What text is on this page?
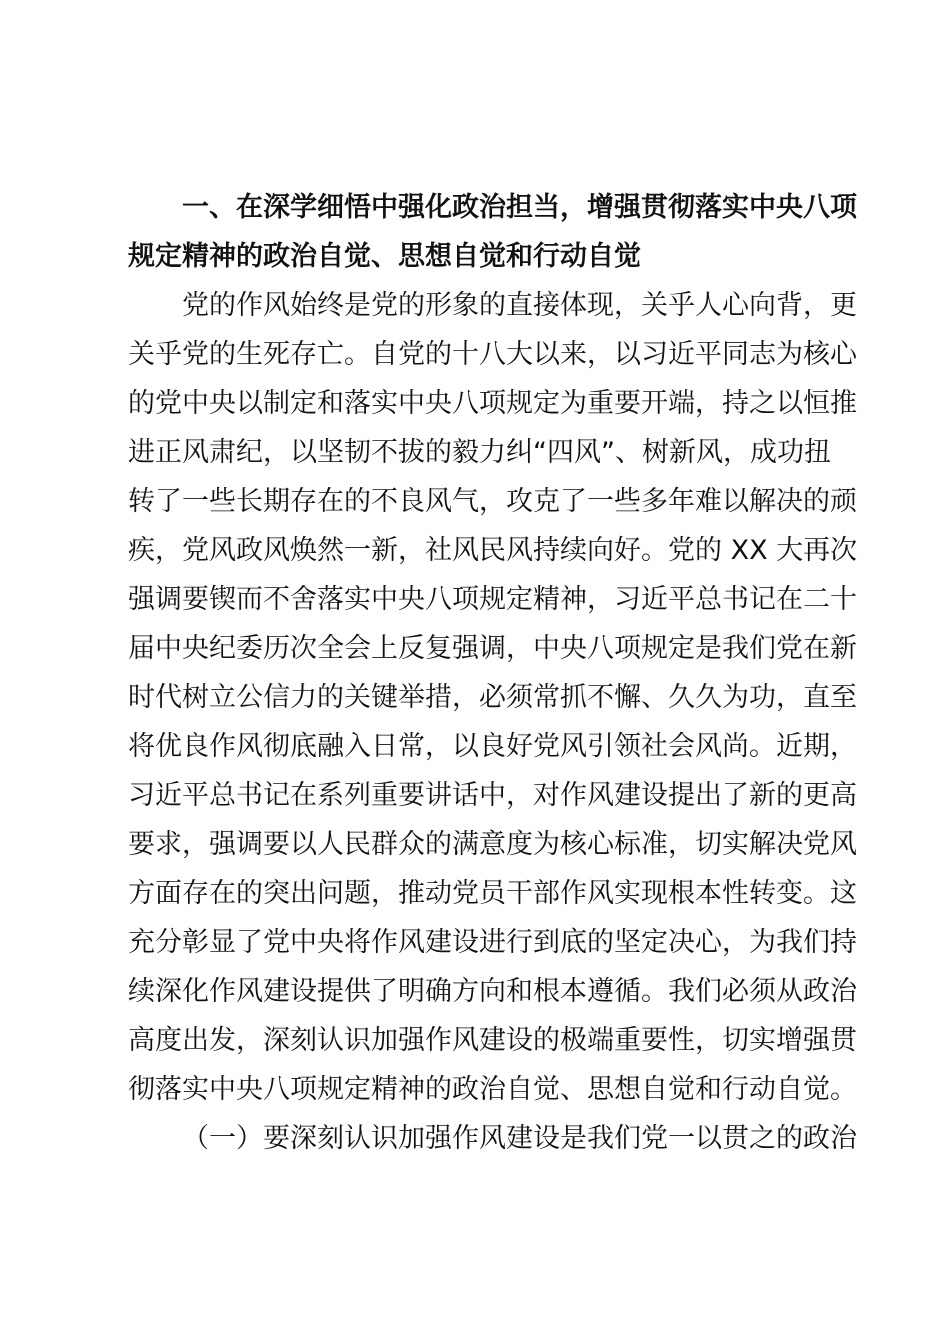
一、在深学细悟中强化政治担当，增强贯彻落实中央八项
规定精神的政治自觉、思想自觉和行动自觉
党的作风始终是党的形象的直接体现，关乎人心向背，更
关乎党的生死存亡。自党的十八大以来，以习近平同志为核心
的党中央以制定和落实中央八项规定为重要开端，持之以恒推
进正风肃纪，以坚韧不拔的毅力纠“四风”、树新风，成功扭
转了一些长期存在的不良风气，攻克了一些多年难以解决的顽
疾，党风政风焕然一新，社风民风持续向好。党的 XX 大再次
强调要锲而不舍落实中央八项规定精神，习近平总书记在二十
届中央纪委历次全会上反复强调，中央八项规定是我们党在新
时代树立公信力的关键举措，必须常抓不懈、久久为功，直至
将优良作风彻底融入日常，以良好党风引领社会风尚。近期，
习近平总书记在系列重要讲话中，对作风建设提出了新的更高
要求，强调要以人民群众的满意度为核心标准，切实解决党风
方面存在的突出问题，推动党员干部作风实现根本性转变。这
充分彰显了党中央将作风建设进行到底的坚定决心，为我们持
续深化作风建设提供了明确方向和根本遵循。我们必须从政治
高度出发，深刻认识加强作风建设的极端重要性，切实增强贯
彻落实中央八项规定精神的政治自觉、思想自觉和行动自觉。
（一）要深刻认识加强作风建设是我们党一以贯之的政治
